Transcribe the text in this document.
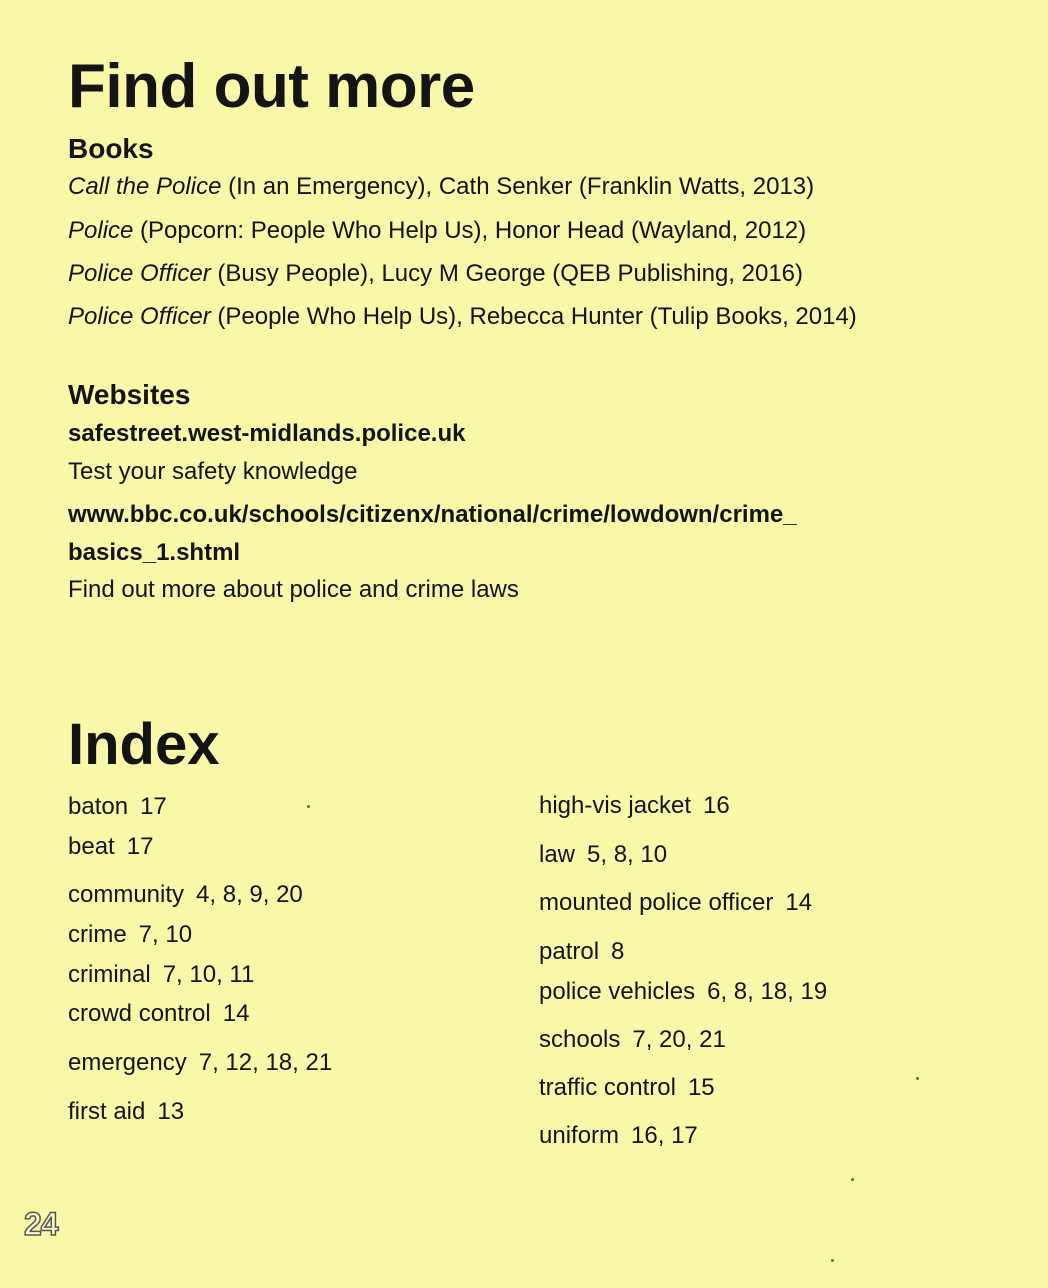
Find out more
Books
Call the Police (In an Emergency), Cath Senker (Franklin Watts, 2013)
Police (Popcorn: People Who Help Us), Honor Head (Wayland, 2012)
Police Officer (Busy People), Lucy M George (QEB Publishing, 2016)
Police Officer (People Who Help Us), Rebecca Hunter (Tulip Books, 2014)
Websites
safestreet.west-midlands.police.uk
Test your safety knowledge
www.bbc.co.uk/schools/citizenx/national/crime/lowdown/crime_
basics_1.shtml
Find out more about police and crime laws
Index
baton 17
beat 17
community 4, 8, 9, 20
crime 7, 10
criminal 7, 10, 11
crowd control 14
emergency 7, 12, 18, 21
first aid 13
high-vis jacket 16
law 5, 8, 10
mounted police officer 14
patrol 8
police vehicles 6, 8, 18, 19
schools 7, 20, 21
traffic control 15
uniform 16, 17
24
